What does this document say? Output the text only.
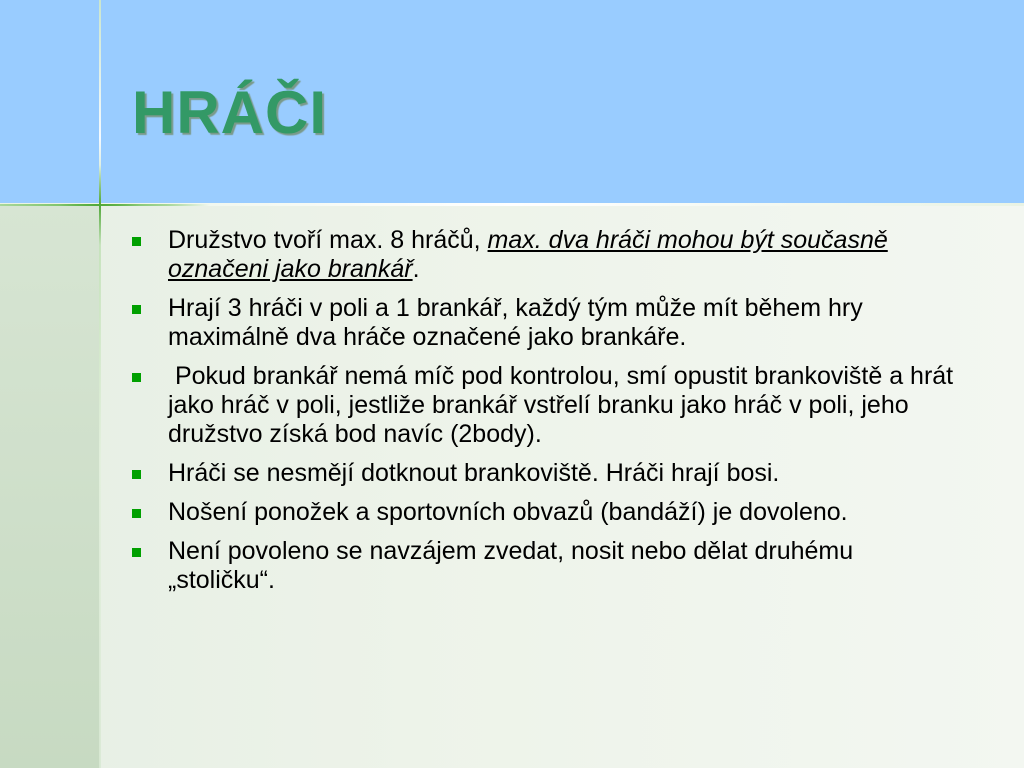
HRÁČI
Družstvo tvoří max. 8 hráčů, max. dva hráči mohou být současně označeni jako brankář.
Hrají 3 hráči v poli a 1 brankář, každý tým může mít během hry maximálně dva hráče označené jako brankáře.
Pokud brankář nemá míč pod kontrolou, smí opustit brankoviště a hrát jako hráč v poli, jestliže brankář vstřelí branku jako hráč v poli, jeho družstvo získá bod navíc (2body).
Hráči se nesmějí dotknout brankoviště. Hráči hrají bosi.
Nošení ponožek a sportovních obvazů (bandáží) je dovoleno.
Není povoleno se navzájem zvedat, nosit nebo dělat druhému „stoličku“.
